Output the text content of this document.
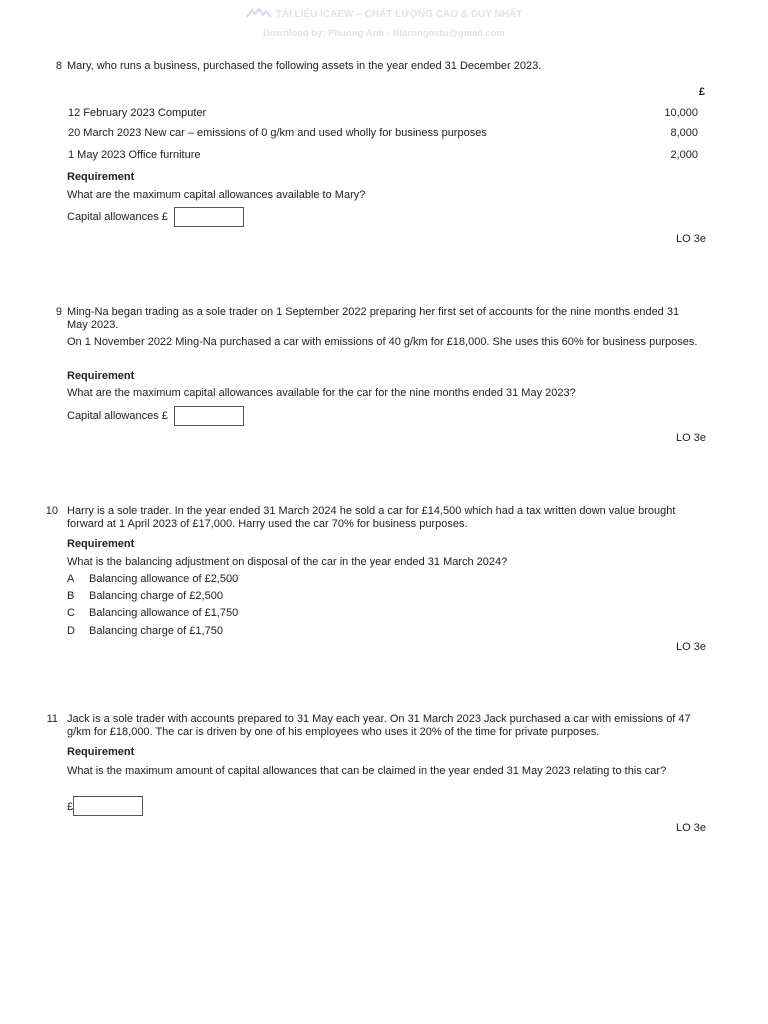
TÀI LIỆU ICAEW – CHẤT LƯỢNG CAO & DUY NHẤT
Download by: Phuong Anh - Klarongostu@gmail.com
8 Mary, who runs a business, purchased the following assets in the year ended 31 December 2023.
£
12 February 2023 Computer	10,000
20 March 2023 New car – emissions of 0 g/km and used wholly for business purposes	8,000
1 May 2023 Office furniture	2,000
Requirement
What are the maximum capital allowances available to Mary?
Capital allowances £
LO 3e
9 Ming-Na began trading as a sole trader on 1 September 2022 preparing her first set of accounts for the nine months ended 31 May 2023.
On 1 November 2022 Ming-Na purchased a car with emissions of 40 g/km for £18,000. She uses this 60% for business purposes.
Requirement
What are the maximum capital allowances available for the car for the nine months ended 31 May 2023?
Capital allowances £
LO 3e
10 Harry is a sole trader. In the year ended 31 March 2024 he sold a car for £14,500 which had a tax written down value brought forward at 1 April 2023 of £17,000. Harry used the car 70% for business purposes.
Requirement
What is the balancing adjustment on disposal of the car in the year ended 31 March 2024?
A Balancing allowance of £2,500
B Balancing charge of £2,500
C Balancing allowance of £1,750
D Balancing charge of £1,750
LO 3e
11 Jack is a sole trader with accounts prepared to 31 May each year. On 31 March 2023 Jack purchased a car with emissions of 47 g/km for £18,000. The car is driven by one of his employees who uses it 20% of the time for private purposes.
Requirement
What is the maximum amount of capital allowances that can be claimed in the year ended 31 May 2023 relating to this car?
£
LO 3e
